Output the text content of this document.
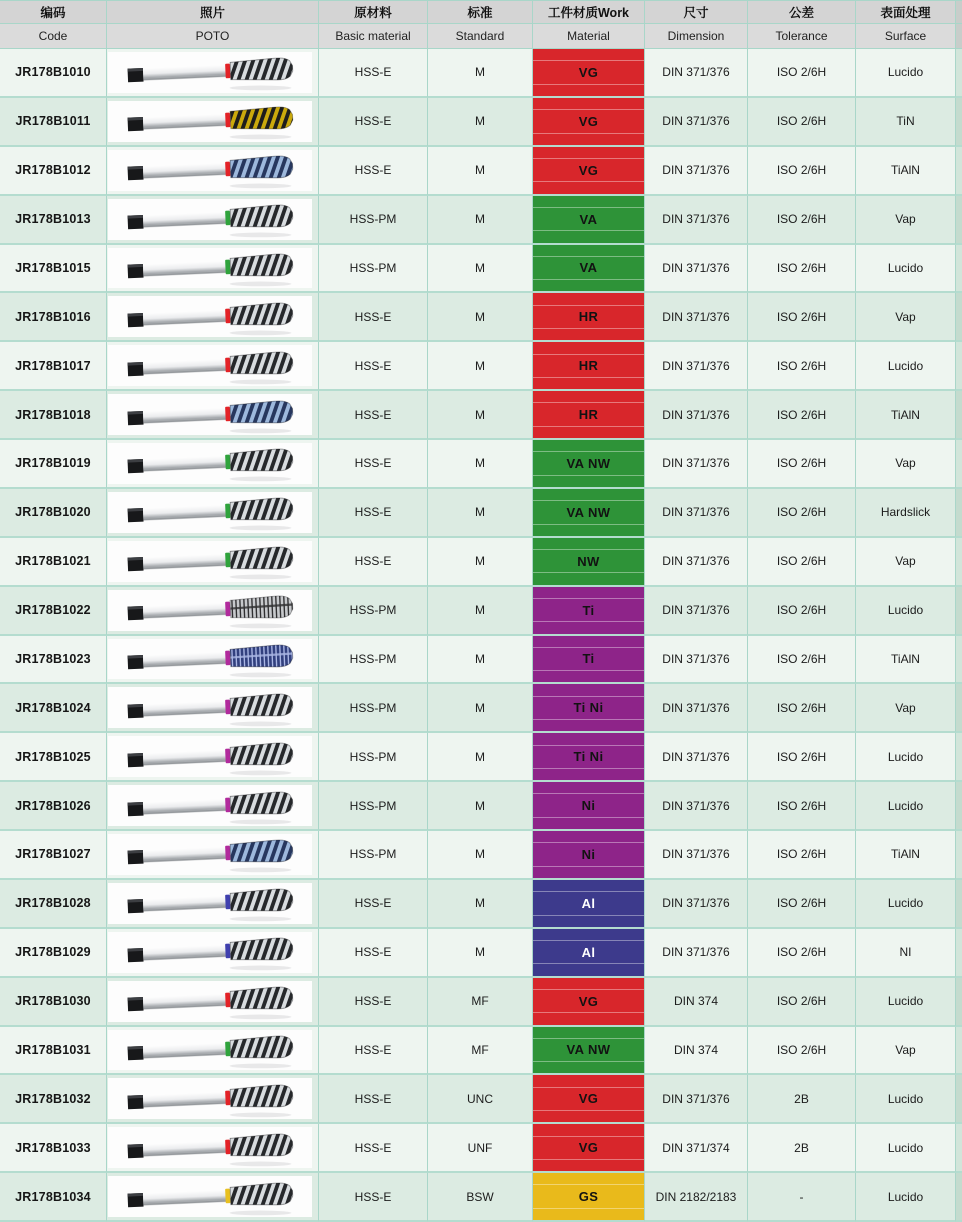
编码	照片	原材料	标准	工件材质Work	尺寸	公差	表面处理
Code	POTO	Basic material	Standard	Material	Dimension	Tolerance	Surface
JR178B1010	HSS-E	M	VG	DIN 371/376	ISO 2/6H	Lucido
JR178B1011	HSS-E	M	VG	DIN 371/376	ISO 2/6H	TiN
JR178B1012	HSS-E	M	VG	DIN 371/376	ISO 2/6H	TiAlN
JR178B1013	HSS-PM	M	VA	DIN 371/376	ISO 2/6H	Vap
JR178B1015	HSS-PM	M	VA	DIN 371/376	ISO 2/6H	Lucido
JR178B1016	HSS-E	M	HR	DIN 371/376	ISO 2/6H	Vap
JR178B1017	HSS-E	M	HR	DIN 371/376	ISO 2/6H	Lucido
JR178B1018	HSS-E	M	HR	DIN 371/376	ISO 2/6H	TiAlN
JR178B1019	HSS-E	M	VA NW	DIN 371/376	ISO 2/6H	Vap
JR178B1020	HSS-E	M	VA NW	DIN 371/376	ISO 2/6H	Hardslick
JR178B1021	HSS-E	M	NW	DIN 371/376	ISO 2/6H	Vap
JR178B1022	HSS-PM	M	Ti	DIN 371/376	ISO 2/6H	Lucido
JR178B1023	HSS-PM	M	Ti	DIN 371/376	ISO 2/6H	TiAlN
JR178B1024	HSS-PM	M	Ti Ni	DIN 371/376	ISO 2/6H	Vap
JR178B1025	HSS-PM	M	Ti Ni	DIN 371/376	ISO 2/6H	Lucido
JR178B1026	HSS-PM	M	Ni	DIN 371/376	ISO 2/6H	Lucido
JR178B1027	HSS-PM	M	Ni	DIN 371/376	ISO 2/6H	TiAlN
JR178B1028	HSS-E	M	Al	DIN 371/376	ISO 2/6H	Lucido
JR178B1029	HSS-E	M	Al	DIN 371/376	ISO 2/6H	NI
JR178B1030	HSS-E	MF	VG	DIN 374	ISO 2/6H	Lucido
JR178B1031	HSS-E	MF	VA NW	DIN 374	ISO 2/6H	Vap
JR178B1032	HSS-E	UNC	VG	DIN 371/376	2B	Lucido
JR178B1033	HSS-E	UNF	VG	DIN 371/374	2B	Lucido
JR178B1034	HSS-E	BSW	GS	DIN 2182/2183	-	Lucido
